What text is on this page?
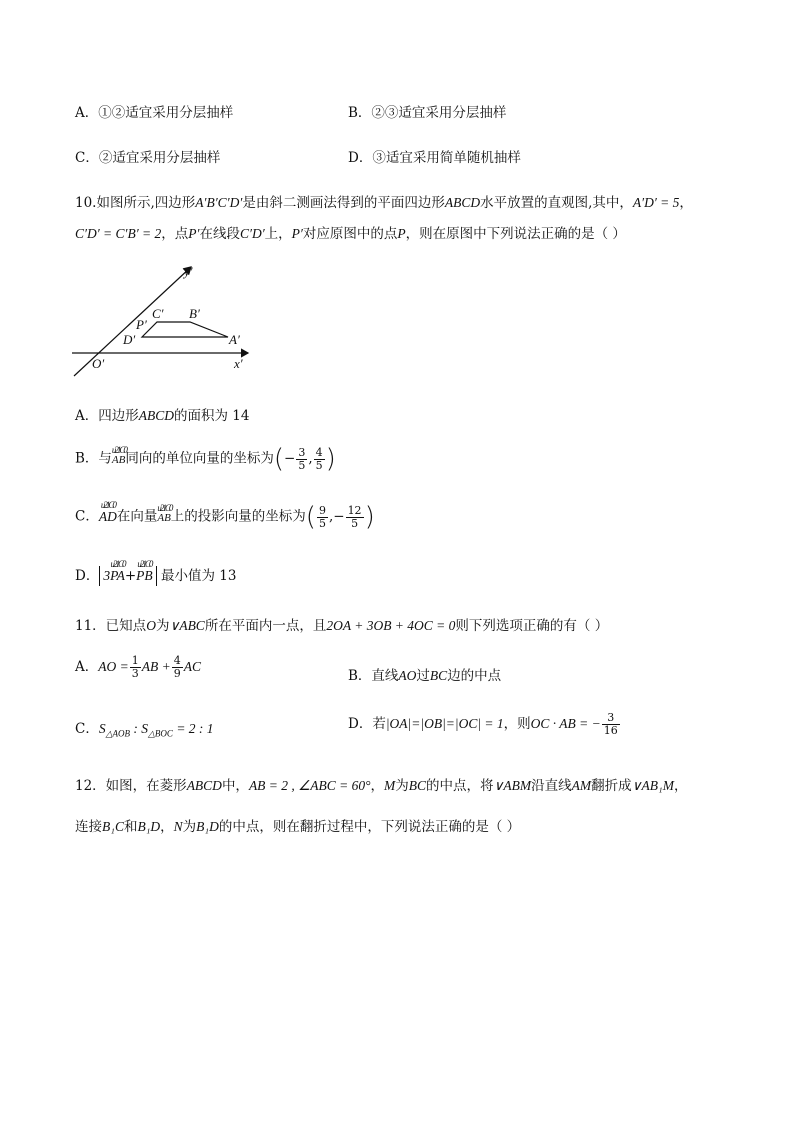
A．①②适宜采用分层抽样	B．②③适宜采用分层抽样
C．②适宜采用分层抽样	D．③适宜采用简单随机抽样
10.如图所示,四边形A′B′C′D′是由斜二测画法得到的平面四边形ABCD水平放置的直观图,其中，A′D′ = 5，
C′D′ = C′B′ = 2，点P′在线段C′D′上，P′对应原图中的点P，则在原图中下列说法正确的是（ ）
y′
x′
O′
C′ B′
P′
D′	A′
A．四边形ABCD的面积为 14
B．与u21C0 AB同向的单位向量的坐标为(− $\frac{3}{5}$ , $\frac{4}{5}$ )
C．u21C0 AD在向量u21C0 AB上的投影向量的坐标为( $\frac{9}{5}$ ,− $\frac{12}{5}$ )
D． 3u21C0 PA+u21C0 PB 最小值为 13
11．已知点O为∨ABC所在平面内一点，且2OA + 3OB + 4OC = 0则下列选项正确的有（ ）
A．AO = $\frac{1}{3}$ AB + $\frac{4}{9}$ AC
B．直线AO过BC边的中点
C．$S_{\triangle AOB}$ : $S_{\triangle BOC} = 2$ : 1	D．若|OA|=|OB|=|OC| = 1，则OC · AB = − $\frac{3}{16}$
12．如图，在菱形ABCD中，AB = 2 , ∠ABC = 60°，M为BC的中点，将∨ABM沿直线AM翻折成∨AB₁M，
连接B₁C和B₁D，N为B₁D的中点，则在翻折过程中，下列说法正确的是（ ）
